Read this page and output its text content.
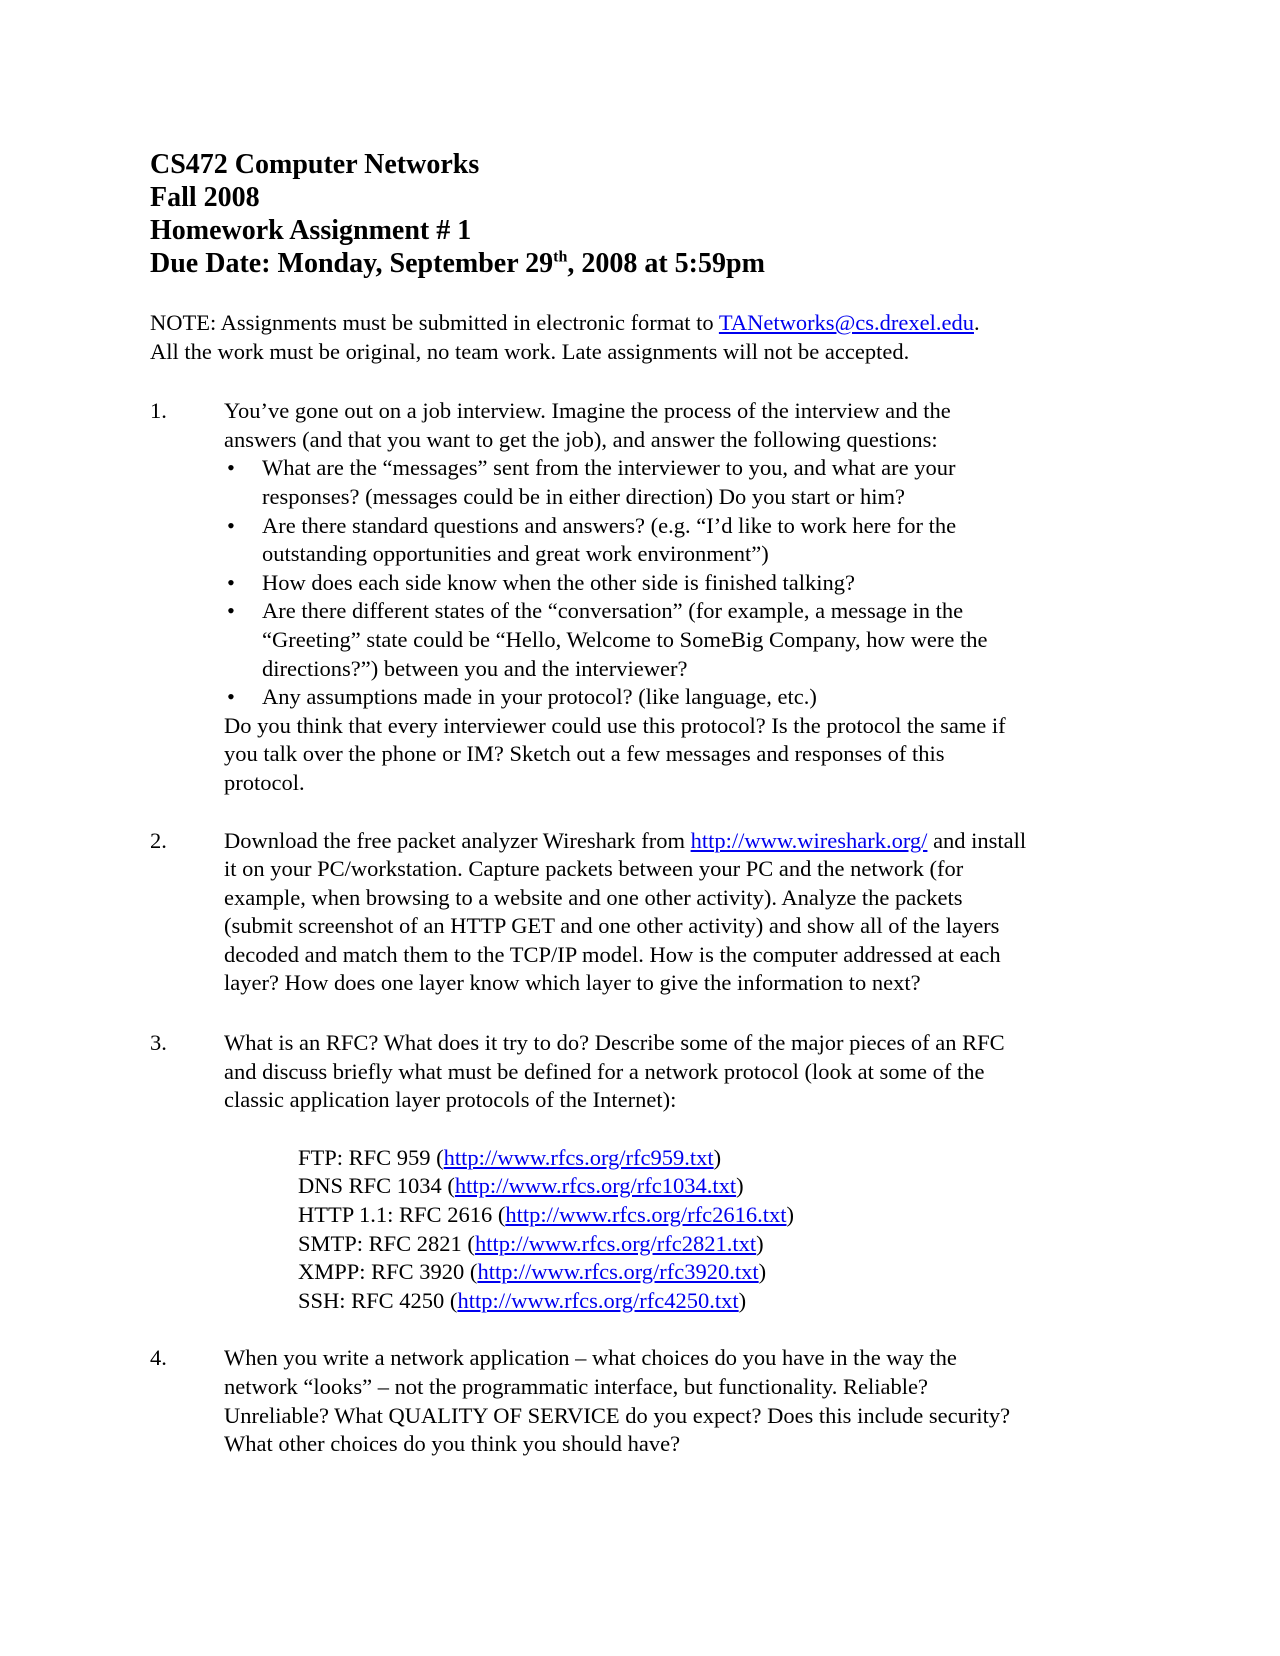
CS472 Computer Networks
Fall 2008
Homework Assignment # 1
Due Date: Monday, September 29th, 2008 at 5:59pm
NOTE: Assignments must be submitted in electronic format to TANetworks@cs.drexel.edu.
All the work must be original, no team work. Late assignments will not be accepted.
1.	You’ve gone out on a job interview. Imagine the process of the interview and the
answers (and that you want to get the job), and answer the following questions:
• What are the “messages” sent from the interviewer to you, and what are your
responses? (messages could be in either direction) Do you start or him?
• Are there standard questions and answers? (e.g. “I’d like to work here for the
outstanding opportunities and great work environment”)
• How does each side know when the other side is finished talking?
• Are there different states of the “conversation” (for example, a message in the
“Greeting” state could be “Hello, Welcome to SomeBig Company, how were the
directions?”) between you and the interviewer?
• Any assumptions made in your protocol? (like language, etc.)
Do you think that every interviewer could use this protocol? Is the protocol the same if
you talk over the phone or IM? Sketch out a few messages and responses of this
protocol.
2.	Download the free packet analyzer Wireshark from http://www.wireshark.org/ and install
it on your PC/workstation. Capture packets between your PC and the network (for
example, when browsing to a website and one other activity). Analyze the packets
(submit screenshot of an HTTP GET and one other activity) and show all of the layers
decoded and match them to the TCP/IP model. How is the computer addressed at each
layer? How does one layer know which layer to give the information to next?
3.	What is an RFC? What does it try to do? Describe some of the major pieces of an RFC
and discuss briefly what must be defined for a network protocol (look at some of the
classic application layer protocols of the Internet):
FTP: RFC 959 (http://www.rfcs.org/rfc959.txt)
DNS RFC 1034 (http://www.rfcs.org/rfc1034.txt)
HTTP 1.1: RFC 2616 (http://www.rfcs.org/rfc2616.txt)
SMTP: RFC 2821 (http://www.rfcs.org/rfc2821.txt)
XMPP: RFC 3920 (http://www.rfcs.org/rfc3920.txt)
SSH: RFC 4250 (http://www.rfcs.org/rfc4250.txt)
4.	When you write a network application – what choices do you have in the way the
network “looks” – not the programmatic interface, but functionality. Reliable?
Unreliable? What QUALITY OF SERVICE do you expect? Does this include security?
What other choices do you think you should have?
